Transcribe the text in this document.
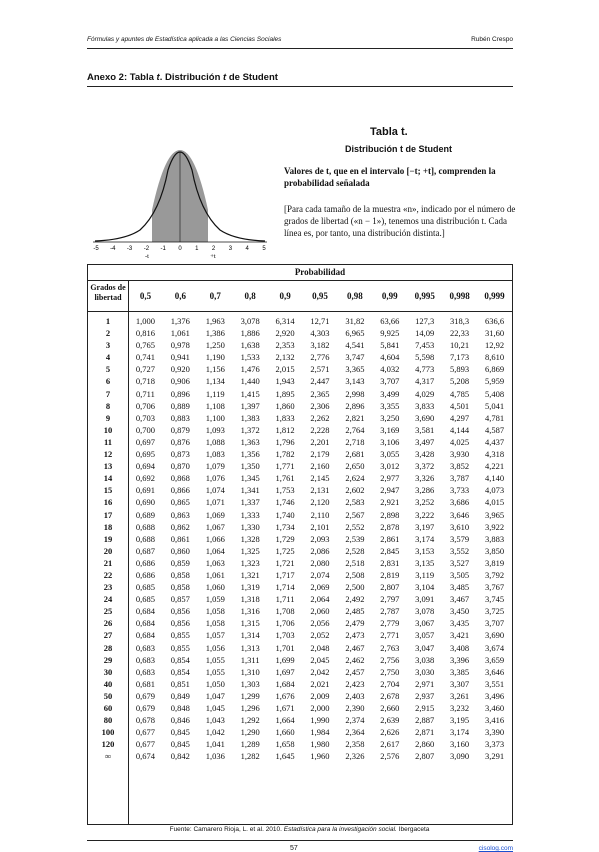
Fórmulas y apuntes de Estadística aplicada a las Ciencias Sociales	Rubén Crespo
Anexo 2: Tabla t. Distribución t de Student
-5 -4 -3 -2 -1 0 1 2 3 4 5
-t	+t
Tabla t.
Distribución t de Student
Valores de t, que en el intervalo [−t; +t], comprenden la probabilidad señalada
[Para cada tamaño de la muestra «n», indicado por el número de grados de libertad («n − 1»), tenemos una distribución t. Cada línea es, por tanto, una distribución distinta.]
Probabilidad
Grados de libertad	0,5	0,6	0,7	0,8	0,9	0,95	0,98	0,99	0,995	0,998	0,999
1	1,000	1,376	1,963	3,078	6,314	12,71	31,82	63,66	127,3	318,3	636,6
2	0,816	1,061	1,386	1,886	2,920	4,303	6,965	9,925	14,09	22,33	31,60
3	0,765	0,978	1,250	1,638	2,353	3,182	4,541	5,841	7,453	10,21	12,92
4	0,741	0,941	1,190	1,533	2,132	2,776	3,747	4,604	5,598	7,173	8,610
5	0,727	0,920	1,156	1,476	2,015	2,571	3,365	4,032	4,773	5,893	6,869
6	0,718	0,906	1,134	1,440	1,943	2,447	3,143	3,707	4,317	5,208	5,959
7	0,711	0,896	1,119	1,415	1,895	2,365	2,998	3,499	4,029	4,785	5,408
8	0,706	0,889	1,108	1,397	1,860	2,306	2,896	3,355	3,833	4,501	5,041
9	0,703	0,883	1,100	1,383	1,833	2,262	2,821	3,250	3,690	4,297	4,781
10	0,700	0,879	1,093	1,372	1,812	2,228	2,764	3,169	3,581	4,144	4,587
11	0,697	0,876	1,088	1,363	1,796	2,201	2,718	3,106	3,497	4,025	4,437
12	0,695	0,873	1,083	1,356	1,782	2,179	2,681	3,055	3,428	3,930	4,318
13	0,694	0,870	1,079	1,350	1,771	2,160	2,650	3,012	3,372	3,852	4,221
14	0,692	0,868	1,076	1,345	1,761	2,145	2,624	2,977	3,326	3,787	4,140
15	0,691	0,866	1,074	1,341	1,753	2,131	2,602	2,947	3,286	3,733	4,073
16	0,690	0,865	1,071	1,337	1,746	2,120	2,583	2,921	3,252	3,686	4,015
17	0,689	0,863	1,069	1,333	1,740	2,110	2,567	2,898	3,222	3,646	3,965
18	0,688	0,862	1,067	1,330	1,734	2,101	2,552	2,878	3,197	3,610	3,922
19	0,688	0,861	1,066	1,328	1,729	2,093	2,539	2,861	3,174	3,579	3,883
20	0,687	0,860	1,064	1,325	1,725	2,086	2,528	2,845	3,153	3,552	3,850
21	0,686	0,859	1,063	1,323	1,721	2,080	2,518	2,831	3,135	3,527	3,819
22	0,686	0,858	1,061	1,321	1,717	2,074	2,508	2,819	3,119	3,505	3,792
23	0,685	0,858	1,060	1,319	1,714	2,069	2,500	2,807	3,104	3,485	3,767
24	0,685	0,857	1,059	1,318	1,711	2,064	2,492	2,797	3,091	3,467	3,745
25	0,684	0,856	1,058	1,316	1,708	2,060	2,485	2,787	3,078	3,450	3,725
26	0,684	0,856	1,058	1,315	1,706	2,056	2,479	2,779	3,067	3,435	3,707
27	0,684	0,855	1,057	1,314	1,703	2,052	2,473	2,771	3,057	3,421	3,690
28	0,683	0,855	1,056	1,313	1,701	2,048	2,467	2,763	3,047	3,408	3,674
29	0,683	0,854	1,055	1,311	1,699	2,045	2,462	2,756	3,038	3,396	3,659
30	0,683	0,854	1,055	1,310	1,697	2,042	2,457	2,750	3,030	3,385	3,646
40	0,681	0,851	1,050	1,303	1,684	2,021	2,423	2,704	2,971	3,307	3,551
50	0,679	0,849	1,047	1,299	1,676	2,009	2,403	2,678	2,937	3,261	3,496
60	0,679	0,848	1,045	1,296	1,671	2,000	2,390	2,660	2,915	3,232	3,460
80	0,678	0,846	1,043	1,292	1,664	1,990	2,374	2,639	2,887	3,195	3,416
100	0,677	0,845	1,042	1,290	1,660	1,984	2,364	2,626	2,871	3,174	3,390
120	0,677	0,845	1,041	1,289	1,658	1,980	2,358	2,617	2,860	3,160	3,373
∞	0,674	0,842	1,036	1,282	1,645	1,960	2,326	2,576	2,807	3,090	3,291
Fuente: Camarero Rioja, L. et al. 2010. Estadística para la investigación social. Ibergaceta
57	cisolog.com
